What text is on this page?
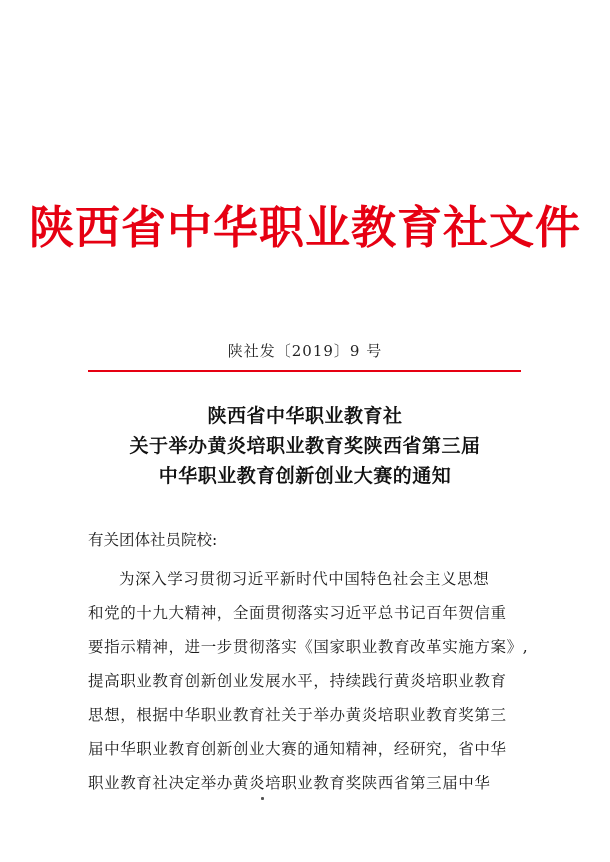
陕西省中华职业教育社文件
陕社发〔2019〕9 号
陕西省中华职业教育社
关于举办黄炎培职业教育奖陕西省第三届
中华职业教育创新创业大赛的通知
有关团体社员院校:
为深入学习贯彻习近平新时代中国特色社会主义思想
和党的十九大精神，全面贯彻落实习近平总书记百年贺信重
要指示精神，进一步贯彻落实《国家职业教育改革实施方案》,
提高职业教育创新创业发展水平，持续践行黄炎培职业教育
思想，根据中华职业教育社关于举办黄炎培职业教育奖第三
届中华职业教育创新创业大赛的通知精神，经研究，省中华
职业教育社决定举办黄炎培职业教育奖陕西省第三届中华
